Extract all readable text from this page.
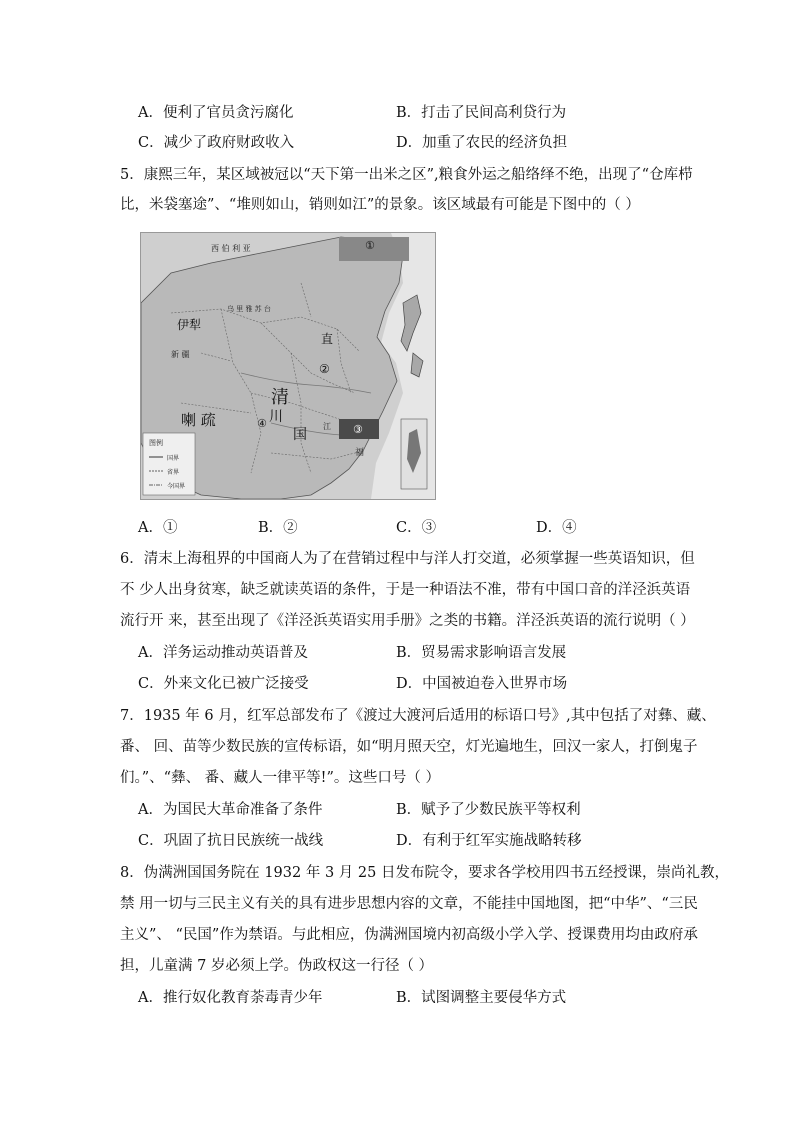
A．便利了官员贪污腐化	B．打击了民间高利贷行为
C．减少了政府财政收入	D．加重了农民的经济负担
5．康熙三年，某区域被冠以“天下第一出米之区”,粮食外运之船络绎不绝，出现了“仓库栉
比，米袋塞途”、“堆则如山，销则如江”的景象。该区域最有可能是下图中的（ ）
西 伯 利 亚
伊犁
新 疆
乌 里 雅 苏 台
直
清
川
国
喇 疏	江
福
①
②
③
④
图例
国界
省界
今国界
A．①	B．②	C．③	D．④
6．清末上海租界的中国商人为了在营销过程中与洋人打交道，必须掌握一些英语知识，但
不 少人出身贫寒，缺乏就读英语的条件，于是一种语法不准，带有中国口音的洋泾浜英语
流行开 来，甚至出现了《洋泾浜英语实用手册》之类的书籍。洋泾浜英语的流行说明（ ）
A．洋务运动推动英语普及	B．贸易需求影响语言发展
C．外来文化已被广泛接受	D．中国被迫卷入世界市场
7．1935 年 6 月，红军总部发布了《渡过大渡河后适用的标语口号》,其中包括了对彝、藏、
番、 回、苗等少数民族的宣传标语，如“明月照天空，灯光遍地生，回汉一家人，打倒鬼子
们。”、“彝、 番、藏人一律平等!”。这些口号（ ）
A．为国民大革命准备了条件	B．赋予了少数民族平等权利
C．巩固了抗日民族统一战线	D．有利于红军实施战略转移
8．伪满洲国国务院在 1932 年 3 月 25 日发布院令，要求各学校用四书五经授课，崇尚礼教，
禁 用一切与三民主义有关的具有进步思想内容的文章，不能挂中国地图，把“中华”、“三民
主义”、 “民国”作为禁语。与此相应，伪满洲国境内初高级小学入学、授课费用均由政府承
担，儿童满 7 岁必须上学。伪政权这一行径（ ）
A．推行奴化教育荼毒青少年	B．试图调整主要侵华方式
